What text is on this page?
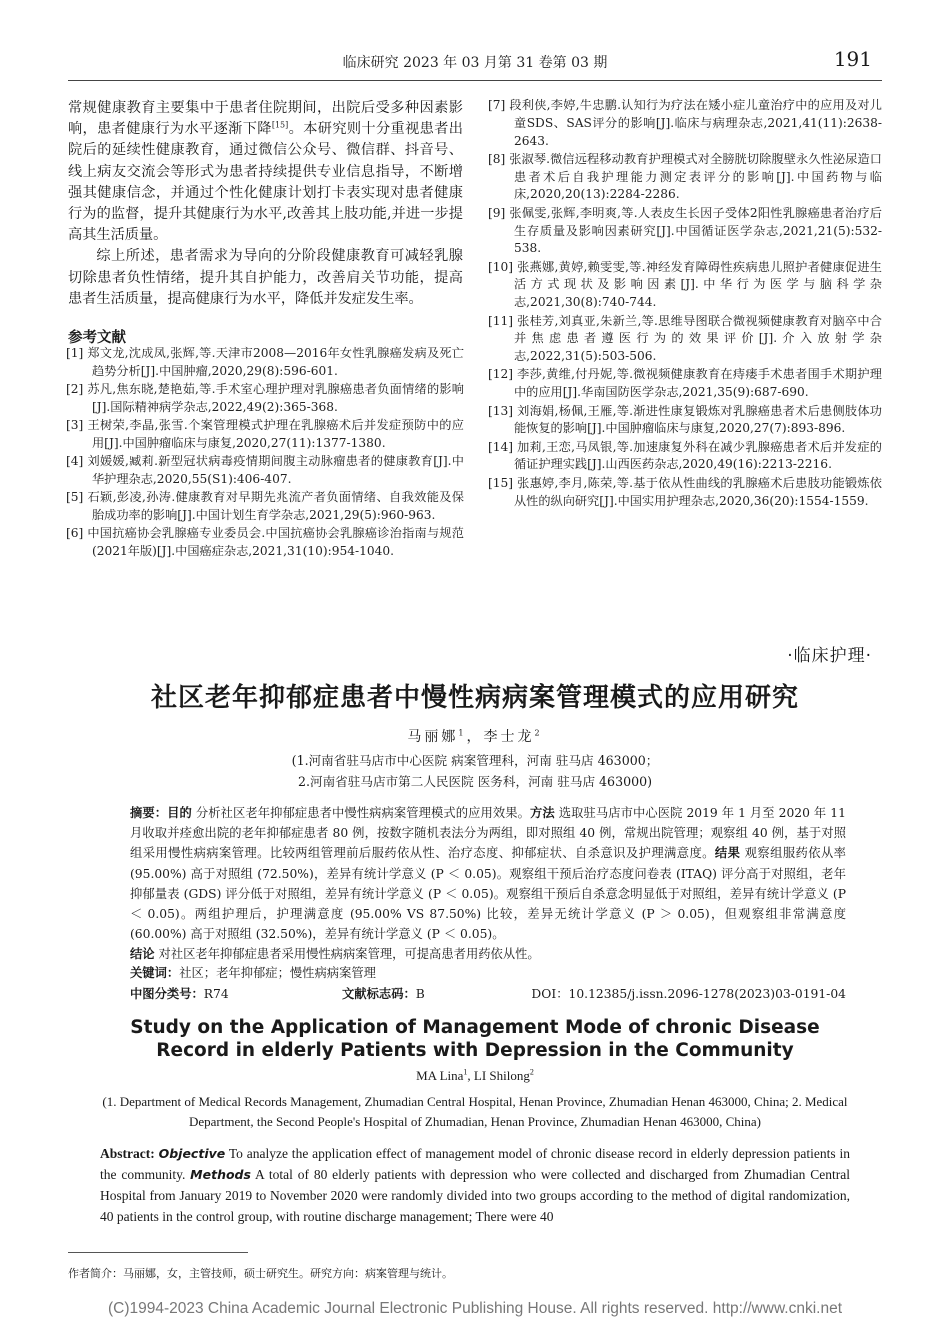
临床研究 2023 年 03 月第 31 卷第 03 期	191

常规健康教育主要集中于患者住院期间，出院后受多种因素影响，患者健康行为水平逐渐下降[15]。本研究则十分重视患者出院后的延续性健康教育，通过微信公众号、微信群、抖音号、线上病友交流会等形式为患者持续提供专业信息指导，不断增强其健康信念，并通过个性化健康计划打卡表实现对患者健康行为的监督，提升其健康行为水平,改善其上肢功能,并进一步提高其生活质量。

综上所述，患者需求为导向的分阶段健康教育可减轻乳腺切除患者负性情绪，提升其自护能力，改善肩关节功能，提高患者生活质量，提高健康行为水平，降低并发症发生率。

参考文献
[1] 郑文龙,沈成凤,张辉,等.天津市2008—2016年女性乳腺癌发病及死亡趋势分析[J].中国肿瘤,2020,29(8):596-601.
[2] 苏凡,焦东晓,楚艳茹,等.手术室心理护理对乳腺癌患者负面情绪的影响[J].国际精神病学杂志,2022,49(2):365-368.
[3] 王树荣,李晶,张雪.个案管理模式护理在乳腺癌术后并发症预防中的应用[J].中国肿瘤临床与康复,2020,27(11):1377-1380.
[4] 刘媛媛,臧莉.新型冠状病毒疫情期间腹主动脉瘤患者的健康教育[J].中华护理杂志,2020,55(S1):406-407.
[5] 石颖,彭凌,孙涛.健康教育对早期先兆流产者负面情绪、自我效能及保胎成功率的影响[J].中国计划生育学杂志,2021,29(5):960-963.
[6] 中国抗癌协会乳腺癌专业委员会.中国抗癌协会乳腺癌诊治指南与规范(2021年版)[J].中国癌症杂志,2021,31(10):954-1040.
[7] 段利侠,李婷,牛忠鹏.认知行为疗法在矮小症儿童治疗中的应用及对儿童SDS、SAS评分的影响[J].临床与病理杂志,2021,41(11):2638-2643.
[8] 张淑琴.微信远程移动教育护理模式对全膀胱切除腹壁永久性泌尿造口患者术后自我护理能力测定表评分的影响[J].中国药物与临床,2020,20(13):2284-2286.
[9] 张佩雯,张辉,李明爽,等.人表皮生长因子受体2阳性乳腺癌患者治疗后生存质量及影响因素研究[J].中国循证医学杂志,2021,21(5):532-538.
[10] 张燕娜,黄婷,赖雯雯,等.神经发育障碍性疾病患儿照护者健康促进生活方式现状及影响因素[J].中华行为医学与脑科学杂志,2021,30(8):740-744.
[11] 张桂芳,刘真亚,朱新兰,等.思维导图联合微视频健康教育对脑卒中合并焦虑患者遵医行为的效果评价[J].介入放射学杂志,2022,31(5):503-506.
[12] 李莎,黄维,付丹妮,等.微视频健康教育在痔瘘手术患者围手术期护理中的应用[J].华南国防医学杂志,2021,35(9):687-690.
[13] 刘海娟,杨佩,王雁,等.渐进性康复锻炼对乳腺癌患者术后患侧肢体功能恢复的影响[J].中国肿瘤临床与康复,2020,27(7):893-896.
[14] 加莉,王恋,马凤银,等.加速康复外科在减少乳腺癌患者术后并发症的循证护理实践[J].山西医药杂志,2020,49(16):2213-2216.
[15] 张惠婷,李月,陈荣,等.基于依从性曲线的乳腺癌术后患肢功能锻炼依从性的纵向研究[J].中国实用护理杂志,2020,36(20):1554-1559.
·临床护理·
社区老年抑郁症患者中慢性病病案管理模式的应用研究
马丽娜$^1$，李士龙$^2$
(1.河南省驻马店市中心医院 病案管理科，河南 驻马店 463000；
2.河南省驻马店市第二人民医院 医务科，河南 驻马店 463000)
摘要：目的 分析社区老年抑郁症患者中慢性病病案管理模式的应用效果。方法 选取驻马店市中心医院 2019 年 1 月至 2020 年 11 月收取并痊愈出院的老年抑郁症患者 80 例，按数字随机表法分为两组，即对照组 40 例，常规出院管理；观察组 40 例，基于对照组采用慢性病病案管理。比较两组管理前后服药依从性、治疗态度、抑郁症状、自杀意识及护理满意度。结果 观察组服药依从率 (95.00%) 高于对照组 (72.50%)，差异有统计学意义 (P ＜ 0.05)。观察组干预后治疗态度问卷表 (ITAQ) 评分高于对照组，老年抑郁量表 (GDS) 评分低于对照组，差异有统计学意义 (P ＜ 0.05)。观察组干预后自杀意念明显低于对照组，差异有统计学意义 (P ＜ 0.05)。两组护理后，护理满意度 (95.00% VS 87.50%) 比较，差异无统计学意义 (P ＞ 0.05)，但观察组非常满意度 (60.00%) 高于对照组 (32.50%)，差异有统计学意义 (P ＜ 0.05)。
结论 对社区老年抑郁症患者采用慢性病病案管理，可提高患者用药依从性。
关键词：社区；老年抑郁症；慢性病病案管理
中图分类号：R74	文献标志码：B	DOI：10.12385/j.issn.2096-1278(2023)03-0191-04
Study on the Application of Management Mode of chronic Disease
Record in elderly Patients with Depression in the Community
MA Lina$^1$, LI Shilong$^2$
(1. Department of Medical Records Management, Zhumadian Central Hospital, Henan Province, Zhumadian Henan 463000, China; 2. Medical Department, the Second People's Hospital of Zhumadian, Henan Province, Zhumadian Henan 463000, China)
Abstract: Objective To analyze the application effect of management model of chronic disease record in elderly depression patients in the community. Methods A total of 80 elderly patients with depression who were collected and discharged from Zhumadian Central Hospital from January 2019 to November 2020 were randomly divided into two groups according to the method of digital randomization, 40 patients in the control group, with routine discharge management; There were 40
作者简介：马丽娜，女，主管技师，硕士研究生。研究方向：病案管理与统计。
(C)1994-2023 China Academic Journal Electronic Publishing House. All rights reserved. http://www.cnki.net
